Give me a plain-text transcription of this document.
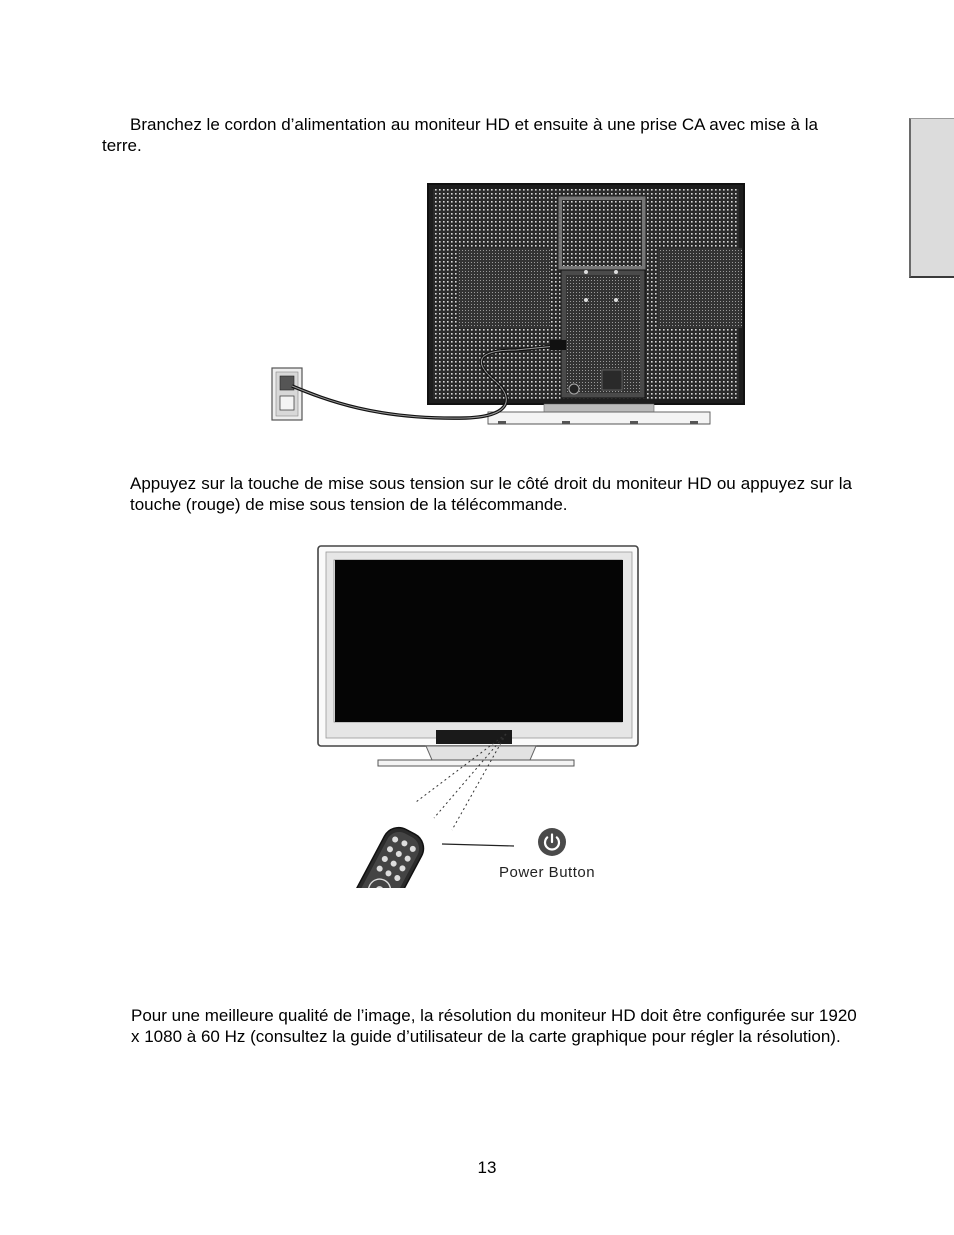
Branchez le cordon d’alimentation au moniteur HD et ensuite à une prise CA avec mise à la terre.

Appuyez sur la touche de mise sous tension sur le côté droit du moniteur HD ou appuyez sur la touche (rouge) de mise sous tension de la télécommande.

Power Button

Pour une meilleure qualité de l’image, la résolution du moniteur HD doit être configurée sur 1920 x 1080 à 60 Hz (consultez la guide d’utilisateur de la carte graphique pour régler la résolution).

13
